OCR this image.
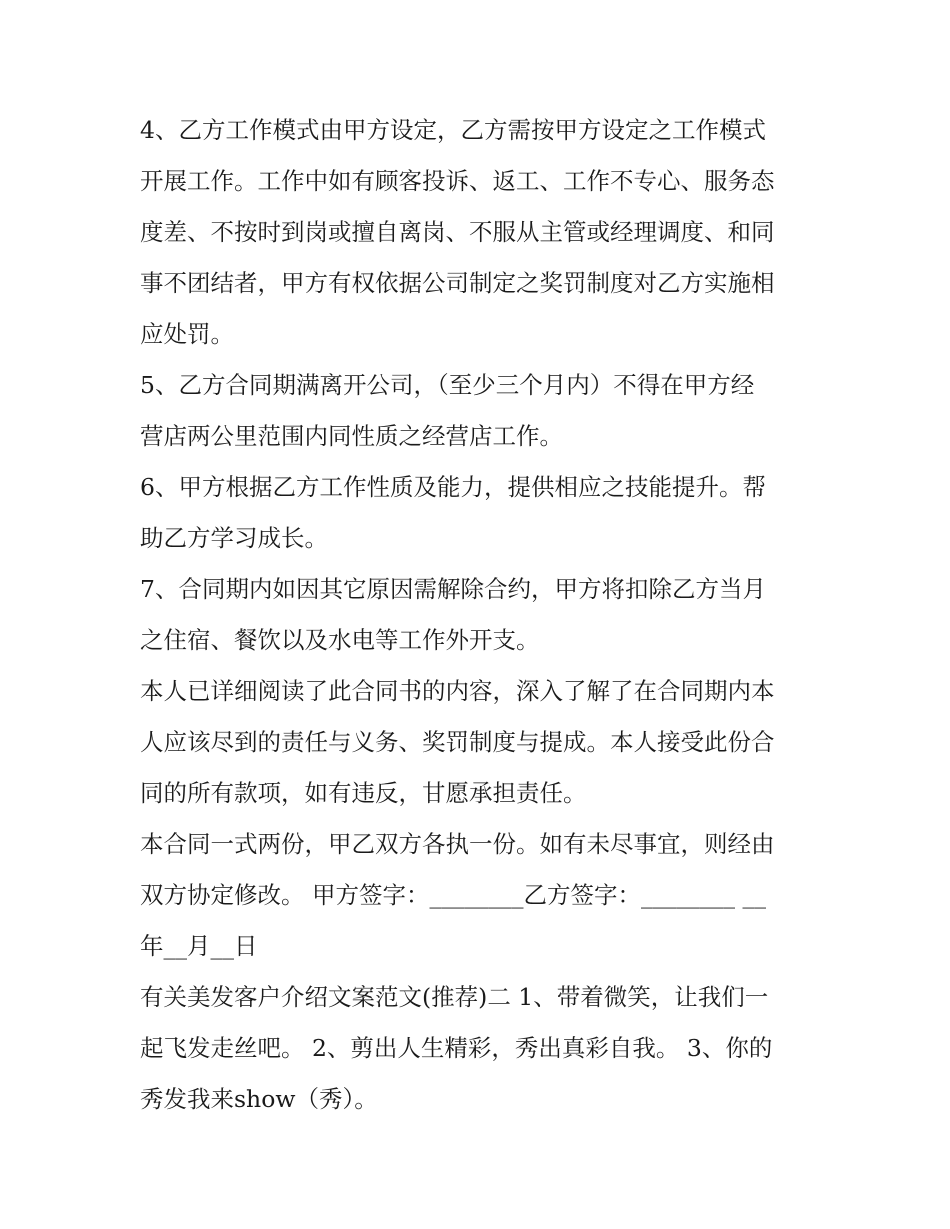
4、乙方工作模式由甲方设定，乙方需按甲方设定之工作模式
开展工作。工作中如有顾客投诉、返工、工作不专心、服务态
度差、不按时到岗或擅自离岗、不服从主管或经理调度、和同
事不团结者，甲方有权依据公司制定之奖罚制度对乙方实施相
应处罚。
5、乙方合同期满离开公司，（至少三个月内）不得在甲方经
营店两公里范围内同性质之经营店工作。
6、甲方根据乙方工作性质及能力，提供相应之技能提升。帮
助乙方学习成长。
7、合同期内如因其它原因需解除合约，甲方将扣除乙方当月
之住宿、餐饮以及水电等工作外开支。
本人已详细阅读了此合同书的内容，深入了解了在合同期内本
人应该尽到的责任与义务、奖罚制度与提成。本人接受此份合
同的所有款项，如有违反，甘愿承担责任。
本合同一式两份，甲乙双方各执一份。如有未尽事宜，则经由
双方协定修改。 甲方签字：________乙方签字：________ __
年__月__日
有关美发客户介绍文案范文(推荐)二 1、带着微笑，让我们一
起飞发走丝吧。 2、剪出人生精彩，秀出真彩自我。 3、你的
秀发我来show（秀）。
